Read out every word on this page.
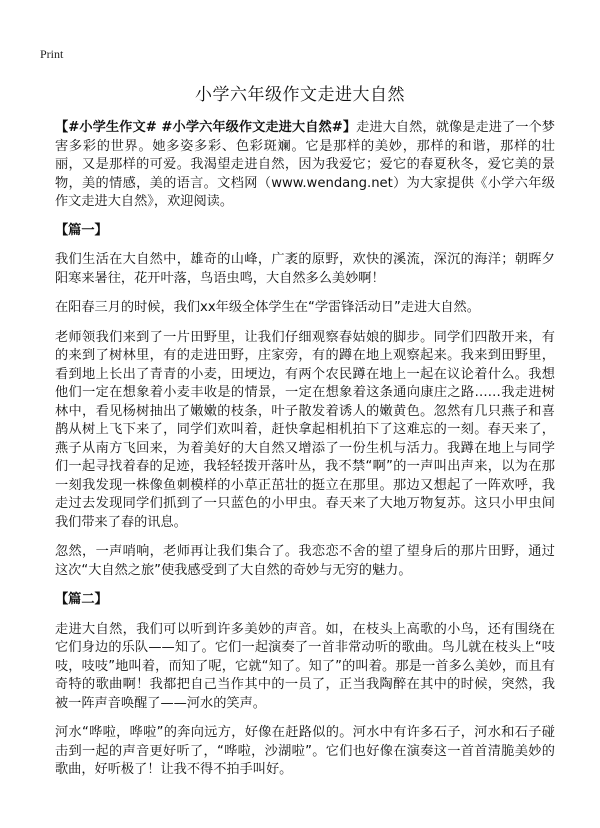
Print
小学六年级作文走进大自然

【#小学生作文# #小学六年级作文走进大自然#】走进大自然，就像是走进了一个梦害多彩的世界。她多姿多彩、色彩斑斓。它是那样的美妙，那样的和谐，那样的壮丽，又是那样的可爱。我渴望走进自然，因为我爱它；爱它的春夏秋冬，爱它美的景物，美的情感，美的语言。文档网（www.wendang.net）为大家提供《小学六年级作文走进大自然》，欢迎阅读。

【篇一】

我们生活在大自然中，雄奇的山峰，广袤的原野，欢快的溪流，深沉的海洋；朝晖夕阳寒来暑往，花开叶落，鸟语虫鸣，大自然多么美妙啊！

在阳春三月的时候，我们xx年级全体学生在“学雷锋活动日”走进大自然。

老师领我们来到了一片田野里，让我们仔细观察春姑娘的脚步。同学们四散开来，有的来到了树林里，有的走进田野，庄家旁，有的蹲在地上观察起来。我来到田野里，看到地上长出了青青的小麦，田埂边，有两个农民蹲在地上一起在议论着什么。我想他们一定在想象着小麦丰收是的情景，一定在想象着这条通向康庄之路……我走进树林中，看见杨树抽出了嫩嫩的枝条，叶子散发着诱人的嫩黄色。忽然有几只燕子和喜鹊从树上飞下来了，同学们欢叫着，赶快拿起相机拍下了这难忘的一刻。春天来了，燕子从南方飞回来，为着美好的大自然又增添了一份生机与活力。我蹲在地上与同学们一起寻找着春的足迹，我轻轻拨开落叶丛，我不禁“啊”的一声叫出声来，以为在那一刻我发现一株像鱼刺模样的小草正茁壮的挺立在那里。那边又想起了一阵欢呼，我走过去发现同学们抓到了一只蓝色的小甲虫。春天来了大地万物复苏。这只小甲虫间我们带来了春的讯息。

忽然，一声哨响，老师再让我们集合了。我恋恋不舍的望了望身后的那片田野，通过这次“大自然之旅”使我感受到了大自然的奇妙与无穷的魅力。

【篇二】

走进大自然，我们可以听到许多美妙的声音。如，在枝头上高歌的小鸟，还有围绕在它们身边的乐队——知了。它们一起演奏了一首非常动听的歌曲。鸟儿就在枝头上“吱吱，吱吱”地叫着，而知了呢，它就“知了。知了”的叫着。那是一首多么美妙，而且有奇特的歌曲啊！我都把自己当作其中的一员了，正当我陶醉在其中的时候，突然，我被一阵声音唤醒了——河水的笑声。

河水“哗啦，哗啦”的奔向远方，好像在赶路似的。河水中有许多石子，河水和石子碰击到一起的声音更好听了，“哗啦，沙湖啦”。它们也好像在演奏这一首首清脆美妙的歌曲，好听极了！让我不得不拍手叫好。
